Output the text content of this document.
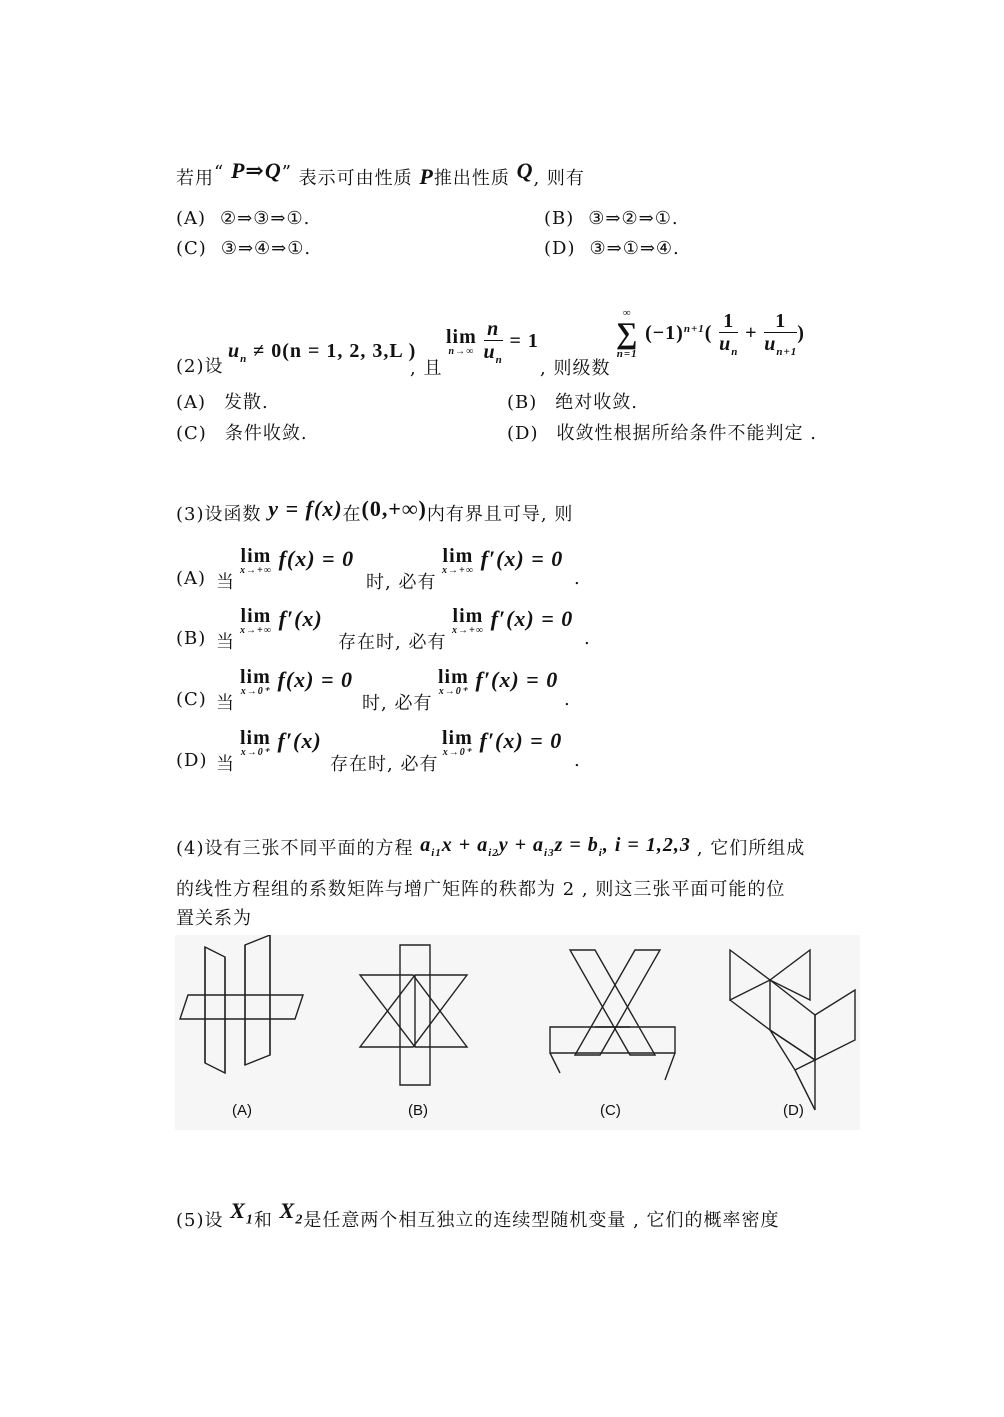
若用“ P⇒Q” 表示可由性质 P推出性质 Q, 则有
(A) ②⇒③⇒①.	(B) ③⇒②⇒①.
(C) ③⇒④⇒①.	(D) ③⇒①⇒④.
(2)设
$u_n \ne 0(n = 1$, 2, 3,L )
, 且
lim
n→∞
$\frac{n}{u_n} = 1$
, 则级数
∞
∑
n=1
$(-1)^{n+1}( \frac{1}{u_n} + \frac{1}{u_{n+1}}$ )
(A) 发散.	(B) 绝对收敛.
(C) 条件收敛.	(D) 收敛性根据所给条件不能判定 .
(3)设函数 y = f(x)在(0,+∞)内有界且可导, 则
(A) 当
lim
x→+∞ f(x) = 0
时, 必有
lim
x→+∞ f′(x) = 0
.
(B) 当
lim
x→+∞ f′(x)
存在时, 必有
lim
x→+∞ f′(x) = 0
.
(C) 当
lim
x→0⁺ f(x) = 0
时, 必有
lim
x→0⁺ f′(x) = 0
.
(D) 当
lim
x→0⁺ f′(x)
存在时, 必有
lim
x→0⁺ f′(x) = 0
.
(4)设有三张不同平面的方程 $a_{i1}x + a_{i2}y + a_{i3}z = b_i$, i = 1,2,3 , 它们所组成
的线性方程组的系数矩阵与增广矩阵的秩都为 2 , 则这三张平面可能的位
置关系为
(A)	(B)	(C)	(D)
(5)设 $X_1$和 $X_2$是任意两个相互独立的连续型随机变量 , 它们的概率密度
